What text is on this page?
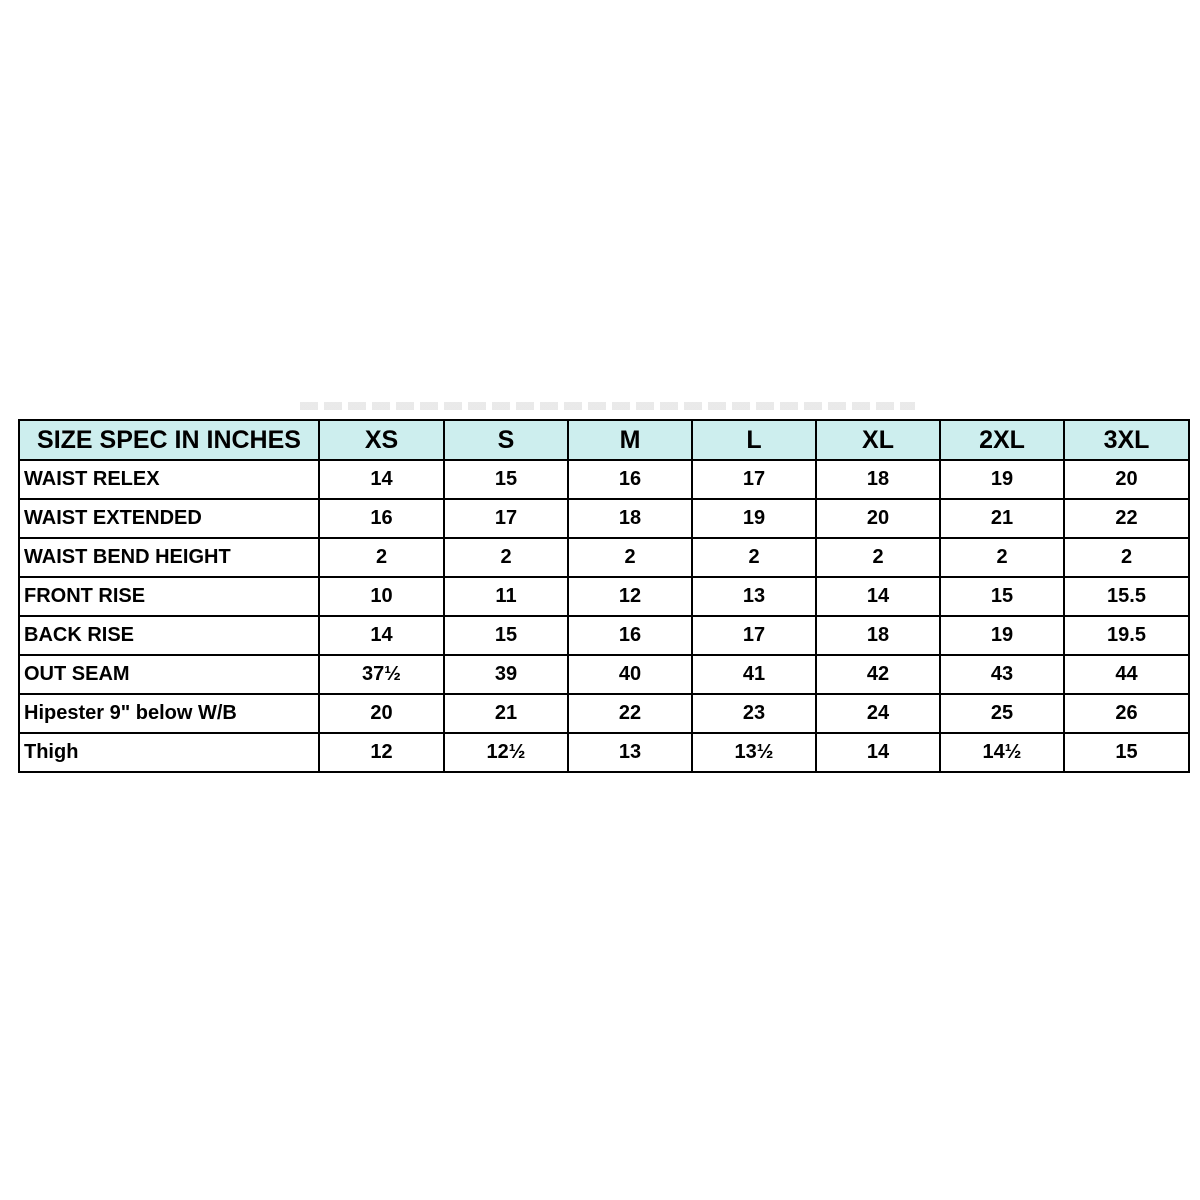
SIZE SPEC IN INCHES	XS	S	M	L	XL	2XL	3XL
WAIST RELEX	14	15	16	17	18	19	20
WAIST EXTENDED	16	17	18	19	20	21	22
WAIST BEND HEIGHT	2	2	2	2	2	2	2
FRONT RISE	10	11	12	13	14	15	15.5
BACK RISE	14	15	16	17	18	19	19.5
OUT SEAM	37½	39	40	41	42	43	44
Hipester 9" below W/B	20	21	22	23	24	25	26
Thigh	12	12½	13	13½	14	14½	15
